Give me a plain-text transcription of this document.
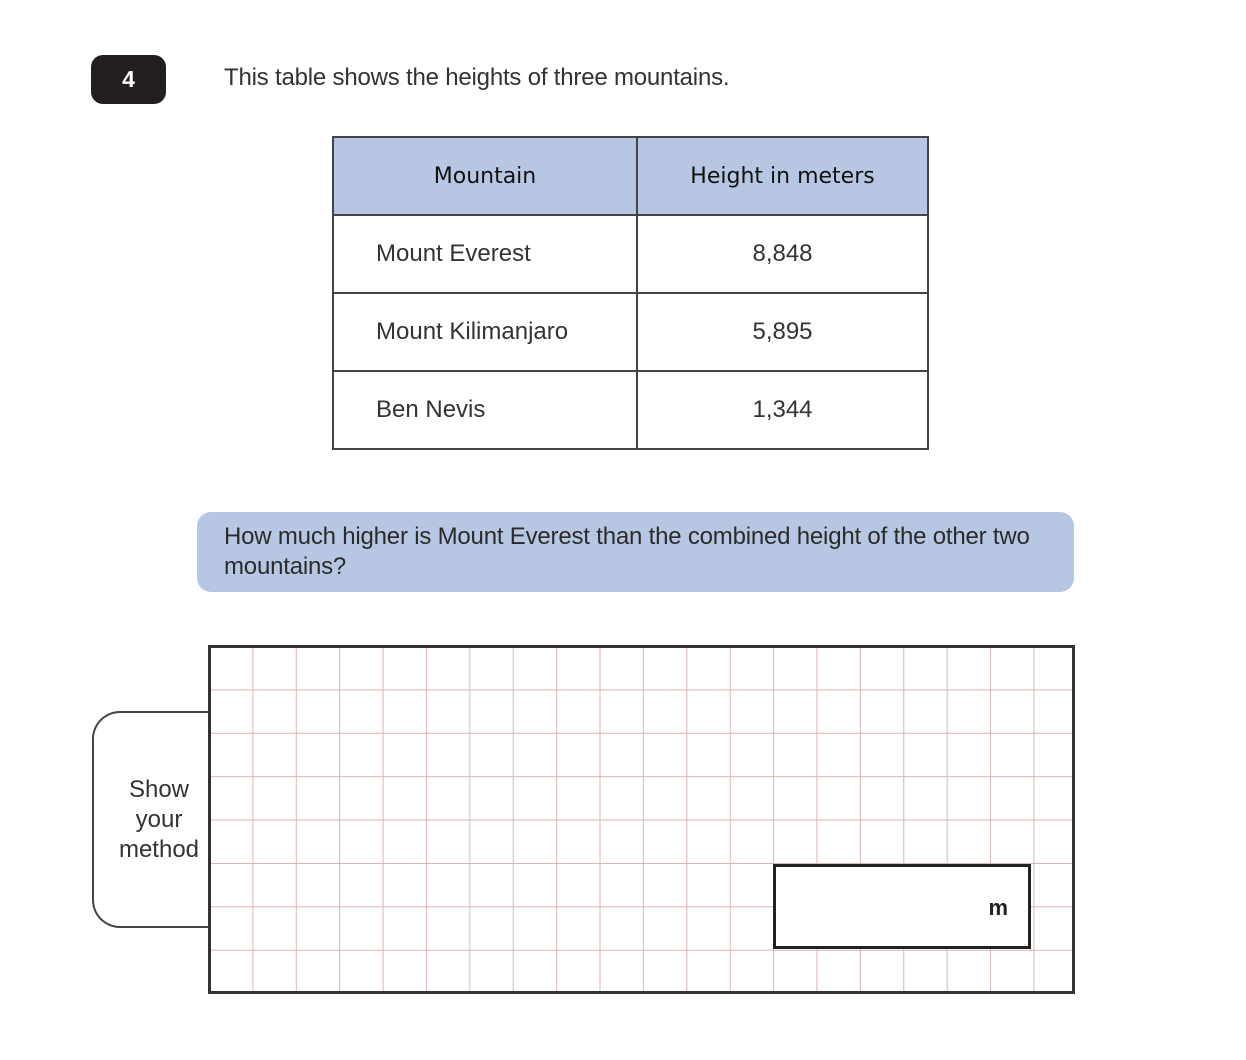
4	This table shows the heights of three mountains.
Mountain	Height in meters
Mount Everest	8,848
Mount Kilimanjaro	5,895
Ben Nevis	1,344
How much higher is Mount Everest than the combined height of the other two mountains?
Show
your
method
m
